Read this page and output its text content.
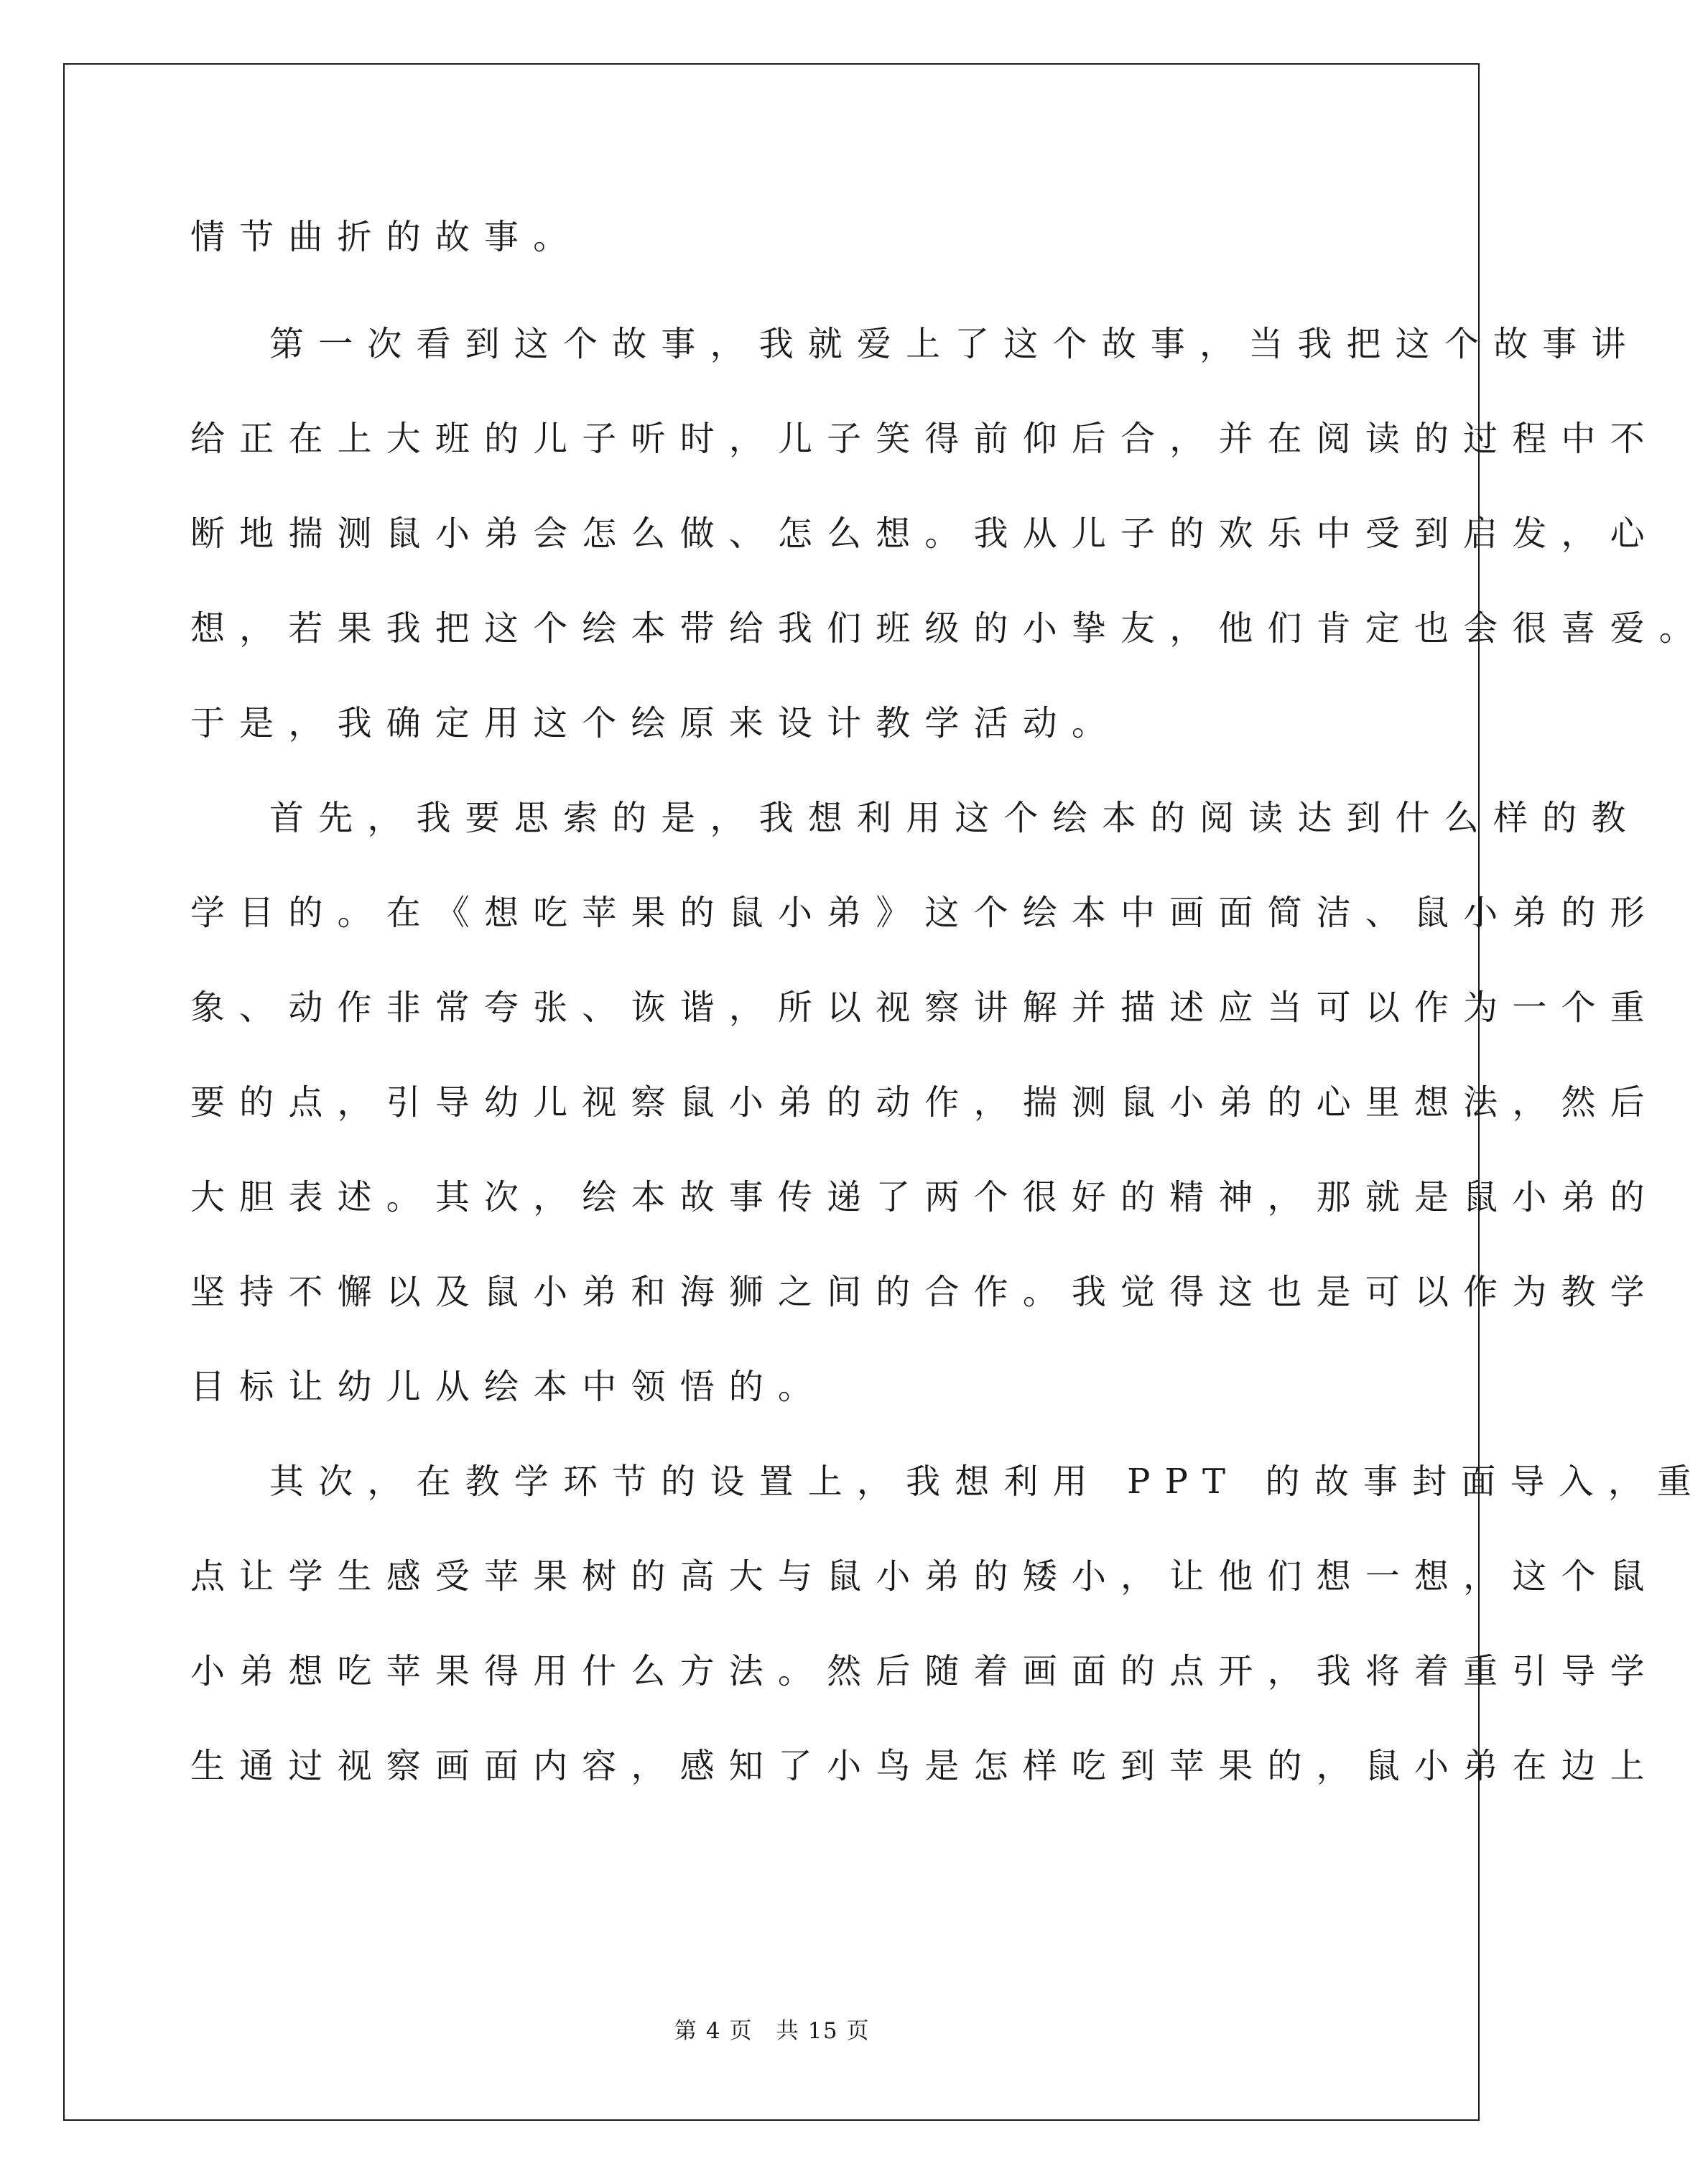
情节曲折的故事。
第一次看到这个故事，我就爱上了这个故事，当我把这个故事讲
给正在上大班的儿子听时，儿子笑得前仰后合，并在阅读的过程中不
断地揣测鼠小弟会怎么做、怎么想。我从儿子的欢乐中受到启发，心
想，若果我把这个绘本带给我们班级的小挚友，他们肯定也会很喜爱。
于是，我确定用这个绘原来设计教学活动。
首先，我要思索的是，我想利用这个绘本的阅读达到什么样的教
学目的。在《想吃苹果的鼠小弟》这个绘本中画面简洁、鼠小弟的形
象、动作非常夸张、诙谐，所以视察讲解并描述应当可以作为一个重
要的点，引导幼儿视察鼠小弟的动作，揣测鼠小弟的心里想法，然后
大胆表述。其次，绘本故事传递了两个很好的精神，那就是鼠小弟的
坚持不懈以及鼠小弟和海狮之间的合作。我觉得这也是可以作为教学
目标让幼儿从绘本中领悟的。
其次，在教学环节的设置上，我想利用 PPT 的故事封面导入，重
点让学生感受苹果树的高大与鼠小弟的矮小，让他们想一想，这个鼠
小弟想吃苹果得用什么方法。然后随着画面的点开，我将着重引导学
生通过视察画面内容，感知了小鸟是怎样吃到苹果的，鼠小弟在边上
第 4 页　共 15 页
